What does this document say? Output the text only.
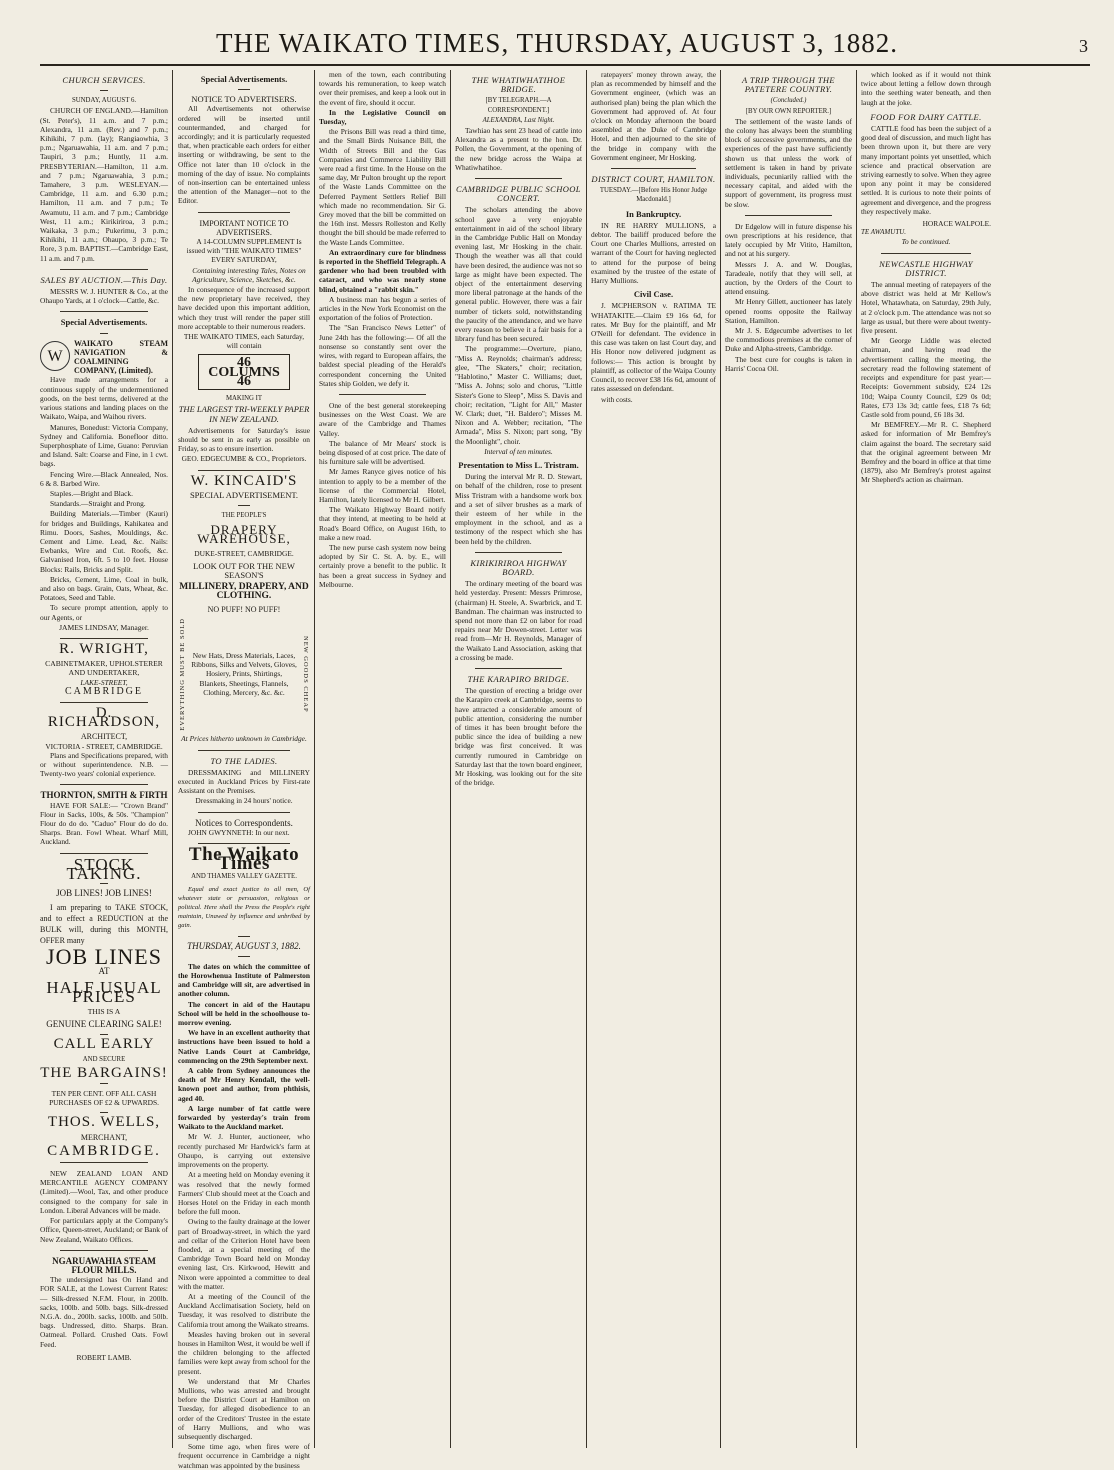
THE WAIKATO TIMES, THURSDAY, AUGUST 3, 1882.	3
CHURCH SERVICES.
SUNDAY, AUGUST 6.
CHURCH OF ENGLAND.—Hamilton (St. Peter's), 11 a.m. and 7 p.m.; Alexandra, 11 a.m. (Rev.) and 7 p.m.; Kihikihi, 7 p.m. (lay); Rangiaowhia, 3 p.m.; Ngaruawahia, 11 a.m. and 7 p.m.; Taupiri, 3 p.m.; Huntly, 11 a.m. PRESBYTERIAN.—Hamilton, 11 a.m. and 7 p.m.; Ngaruawahia, 3 p.m.; Tamahere, 3 p.m. WESLEYAN.—Cambridge, 11 a.m. and 6.30 p.m.; Hamilton, 11 a.m. and 7 p.m.; Te Awamutu, 11 a.m. and 7 p.m.; Cambridge West, 11 a.m.; Kirikiriroa, 3 p.m.; Waikaka, 3 p.m.; Pukerimu, 3 p.m.; Kihikihi, 11 a.m.; Ohaupo, 3 p.m.; Te Rore, 3 p.m. BAPTIST.—Cambridge East, 11 a.m. and 7 p.m.
SALES BY AUCTION.—This Day.
MESSRS W. J. HUNTER & Co., at the Ohaupo Yards, at 1 o'clock—Cattle, &c.
Special Advertisements.
W
WAIKATO STEAM NAVIGATION & COALMINING COMPANY, (Limited).
Have made arrangements for a continuous supply of the undermentioned goods, on the best terms, delivered at the various stations and landing places on the Waikato, Waipa, and Waihou rivers.
Manures, Bonedust: Victoria Company, Sydney and California. Bonefloor ditto. Superphosphate of Lime, Guano: Peruvian and Island. Salt: Coarse and Fine, in 1 cwt. bags.
Fencing Wire.—Black Annealed, Nos. 6 & 8. Barbed Wire.
Staples.—Bright and Black.
Standards.—Straight and Prong.
Building Materials.—Timber (Kauri) for bridges and Buildings, Kahikatea and Rimu. Doors, Sashes, Mouldings, &c. Cement and Lime. Lead, &c. Nails: Ewbanks, Wire and Cut. Roofs, &c. Galvanised Iron, 6ft. 5 to 10 feet. House Blocks: Rails, Bricks and Split.
Bricks, Cement, Lime, Coal in bulk, and also on bags. Grain, Oats, Wheat, &c. Potatoes, Seed and Table.
To secure prompt attention, apply to our Agents, or
JAMES LINDSAY, Manager.
R. WRIGHT,
CABINETMAKER, UPHOLSTERER AND UNDERTAKER,
LAKE-STREET,
CAMBRIDGE
D. RICHARDSON,
ARCHITECT,
VICTORIA - STREET, CAMBRIDGE.
Plans and Specifications prepared, with or without superintendence. N.B. — Twenty-two years' colonial experience.
THORNTON, SMITH & FIRTH
HAVE FOR SALE:— "Crown Brand" Flour in Sacks, 100s, & 50s. "Champion" Flour do do do. "Caduo" Flour do do do. Sharps. Bran. Fowl Wheat. Wharf Mill, Auckland.
STOCK TAKING.
JOB LINES! JOB LINES!
I am preparing to TAKE STOCK, and to effect a REDUCTION at the BULK will, during this MONTH, OFFER many
JOB LINES
AT
HALF USUAL PRICES
THIS IS A
GENUINE CLEARING SALE!
CALL EARLY
AND SECURE
THE BARGAINS!
TEN PER CENT. OFF ALL CASH PURCHASES OF £2 & UPWARDS.
THOS. WELLS,
MERCHANT,
CAMBRIDGE.
NEW ZEALAND LOAN AND MERCANTILE AGENCY COMPANY (Limited).—Wool, Tax, and other produce consigned to the company for sale in London. Liberal Advances will be made.
For particulars apply at the Company's Office, Queen-street, Auckland; or Bank of New Zealand, Waikato Offices.
NGARUAWAHIA STEAM FLOUR MILLS.
The undersigned has On Hand and FOR SALE, at the Lowest Current Rates:— Silk-dressed N.F.M. Flour, in 200lb. sacks, 100lb. and 50lb. bags. Silk-dressed N.G.A. do., 200lb. sacks, 100lb. and 50lb. bags. Undressed, ditto. Sharps. Bran. Oatmeal. Pollard. Crushed Oats. Fowl Feed.
ROBERT LAMB.
Special Advertisements.
NOTICE TO ADVERTISERS.
All Advertisements not otherwise ordered will be inserted until countermanded, and charged for accordingly; and it is particularly requested that, when practicable each orders for either inserting or withdrawing, be sent to the Office not later than 10 o'clock in the morning of the day of issue. No complaints of non-insertion can be entertained unless the attention of the Manager—not to the Editor.
IMPORTANT NOTICE TO ADVERTISERS.
A 14-COLUMN SUPPLEMENT Is issued with "THE WAIKATO TIMES" EVERY SATURDAY,
Containing interesting Tales, Notes on Agriculture, Science, Sketches, &c.
In consequence of the increased support the new proprietary have received, they have decided upon this important addition, which they trust will render the paper still more acceptable to their numerous readers.
THE WAIKATO TIMES, each Saturday, will contain
46 COLUMNS 46
MAKING IT
THE LARGEST TRI-WEEKLY PAPER IN NEW ZEALAND.
Advertisements for Saturday's issue should be sent in as early as possible on Friday, so as to ensure insertion.
GEO. EDGECUMBE & CO., Proprietors.
W. KINCAID'S
SPECIAL ADVERTISEMENT.
THE PEOPLE'S
DRAPERY WAREHOUSE,
DUKE-STREET, CAMBRIDGE.
LOOK OUT FOR THE NEW SEASON'S
MILLINERY, DRAPERY, AND CLOTHING.
NO PUFF! NO PUFF!
EVERYTHING MUST BE SOLD New Hats, Dress Materials, Laces, Ribbons, Silks and Velvets, Gloves, Hosiery, Prints, Shirtings, Blankets, Sheetings, Flannels, Clothing, Mercery, &c. &c.	NEW GOODS CHEAP
At Prices hitherto unknown in Cambridge.
TO THE LADIES.
DRESSMAKING and MILLINERY executed in Auckland Prices by First-rate Assistant on the Premises.
Dressmaking in 24 hours' notice.
Notices to Correspondents.
JOHN GWYNNETH: In our next.
The Waikato Times
AND THAMES VALLEY GAZETTE.
Equal and exact justice to all men, Of whatever state or persuasion, religious or political. Here shall the Press the People's right maintain, Unawed by influence and unbribed by gain.
THURSDAY, AUGUST 3, 1882.
The dates on which the committee of the Horowhenua Institute of Palmerston and Cambridge will sit, are advertised in another column.
The concert in aid of the Hautapu School will be held in the schoolhouse to-morrow evening.
We have in an excellent authority that instructions have been issued to hold a Native Lands Court at Cambridge, commencing on the 29th September next.
A cable from Sydney announces the death of Mr Henry Kendall, the well-known poet and author, from phthisis, aged 40.
A large number of fat cattle were forwarded by yesterday's train from Waikato to the Auckland market.
Mr W. J. Hunter, auctioneer, who recently purchased Mr Hardwick's farm at Ohaupo, is carrying out extensive improvements on the property.
At a meeting held on Monday evening it was resolved that the newly formed Farmers' Club should meet at the Coach and Horses Hotel on the Friday in each month before the full moon.
Owing to the faulty drainage at the lower part of Broadway-street, in which the yard and cellar of the Criterion Hotel have been flooded, at a special meeting of the Cambridge Town Board held on Monday evening last, Crs. Kirkwood, Hewitt and Nixon were appointed a committee to deal with the matter.
At a meeting of the Council of the Auckland Acclimatisation Society, held on Tuesday, it was resolved to distribute the California trout among the Waikato streams.
Measles having broken out in several houses in Hamilton West, it would be well if the children belonging to the affected families were kept away from school for the present.
We understand that Mr Charles Mullions, who was arrested and brought before the District Court at Hamilton on Tuesday, for alleged disobedience to an order of the Creditors' Trustee in the estate of Harry Mullions, and who was subsequently discharged.
Some time ago, when fires were of frequent occurrence in Cambridge a night watchman was appointed by the business
men of the town, each contributing towards his remuneration, to keep watch over their premises, and keep a look out in the event of fire, should it occur.
In the Legislative Council on Tuesday,
the Prisons Bill was read a third time, and the Small Birds Nuisance Bill, the Width of Streets Bill and the Gas Companies and Commerce Liability Bill were read a first time. In the House on the same day, Mr Pulton brought up the report of the Waste Lands Committee on the Deferred Payment Settlers Relief Bill which made no recommendation. Sir G. Grey moved that the bill be committed on the 16th inst. Messrs Rolleston and Kelly thought the bill should be made referred to the Waste Lands Committee.
An extraordinary cure for blindness is reported in the Sheffield Telegraph. A gardener who had been troubled with cataract, and who was nearly stone blind, obtained a "rabbit skin."
A business man has begun a series of articles in the New York Economist on the exportation of the folios of Protection.
The "San Francisco News Letter" of June 24th has the following:— Of all the nonsense so constantly sent over the wires, with regard to European affairs, the baldest special pleading of the Herald's correspondent concerning the United States ship Golden, we defy it.
One of the best general storekeeping businesses on the West Coast. We are aware of the Cambridge and Thames Valley.
The balance of Mr Mears' stock is being disposed of at cost price. The date of his furniture sale will be advertised.
Mr James Ranyce gives notice of his intention to apply to be a member of the license of the Commercial Hotel, Hamilton, lately licensed to Mr H. Gilbert.
The Waikato Highway Board notify that they intend, at meeting to be held at Road's Board Office, on August 16th, to make a new road.
The new purse cash system now being adopted by Sir C. St. A. by. E., will certainly prove a benefit to the public. It has been a great success in Sydney and Melbourne.
THE WHATIWHATIHOE BRIDGE.
[BY TELEGRAPH.—A CORRESPONDENT.]
ALEXANDRA, Last Night.
Tawhiao has sent 23 head of cattle into Alexandra as a present to the hon. Dr. Pollen, the Government, at the opening of the new bridge across the Waipa at Whatiwhatihoe.
CAMBRIDGE PUBLIC SCHOOL CONCERT.
The scholars attending the above school gave a very enjoyable entertainment in aid of the school library in the Cambridge Public Hall on Monday evening last, Mr Hosking in the chair. Though the weather was all that could have been desired, the audience was not so large as might have been expected. The object of the entertainment deserving more liberal patronage at the hands of the general public. However, there was a fair number of tickets sold, notwithstanding the paucity of the attendance, and we have every reason to believe it a fair basis for a library fund has been secured.
The programme:—Overture, piano, "Miss A. Reynolds; chairman's address; glee, "The Skaters," choir; recitation, "Hablotino," Master C. Williams; duet, "Miss A. Johns; solo and chorus, "Little Sister's Gone to Sleep", Miss S. Davis and choir; recitation, "Light for All," Master W. Clark; duet, "H. Baldero"; Misses M. Nixon and A. Webber; recitation, "The Armada", Miss S. Nixon; part song, "By the Moonlight", choir.
Interval of ten minutes.
Presentation to Miss L. Tristram.
During the interval Mr R. D. Stewart, on behalf of the children, rose to present Miss Tristram with a handsome work box and a set of silver brushes as a mark of their esteem of her while in the employment in the school, and as a testimony of the respect which she has been held by the children.
KIRIKIRIROA HIGHWAY BOARD.
The ordinary meeting of the board was held yesterday. Present: Messrs Primrose, (chairman) H. Steele, A. Swarbrick, and T. Bandman. The chairman was instructed to spend not more than £2 on labor for road repairs near Mr Dowen-street. Letter was read from—Mr H. Reynolds, Manager of the Waikato Land Association, asking that a crossing be made.
THE KARAPIRO BRIDGE.
The question of erecting a bridge over the Karapiro creek at Cambridge, seems to have attracted a considerable amount of public attention, considering the number of times it has been brought before the public since the idea of building a new bridge was first conceived. It was currently rumoured in Cambridge on Saturday last that the town board engineer, Mr Hosking, was looking out for the site of the bridge.
ratepayers' money thrown away, the plan as recommended by himself and the Government engineer, (which was an authorised plan) being the plan which the Government had approved of. At four o'clock on Monday afternoon the board assembled at the Duke of Cambridge Hotel, and then adjourned to the site of the bridge in company with the Government engineer, Mr Hosking.
DISTRICT COURT, HAMILTON.
TUESDAY.—[Before His Honor Judge Macdonald.]
In Bankruptcy.
IN RE HARRY MULLIONS, a debtor. The bailiff produced before the Court one Charles Mullions, arrested on warrant of the Court for having neglected to attend for the purpose of being examined by the trustee of the estate of Harry Mullions.
Civil Case.
J. MCPHERSON v. RATIMA TE WHATAKITE.—Claim £9 16s 6d, for rates. Mr Buy for the plaintiff, and Mr O'Neill for defendant. The evidence in this case was taken on last Court day, and His Honor now delivered judgment as follows:— This action is brought by plaintiff, as collector of the Waipa County Council, to recover £38 16s 6d, amount of rates assessed on defendant.
with costs.
A TRIP THROUGH THE PATETERE COUNTRY.
(Concluded.)
[BY OUR OWN REPORTER.]
The settlement of the waste lands of the colony has always been the stumbling block of successive governments, and the experiences of the past have sufficiently shown us that unless the work of settlement is taken in hand by private individuals, pecuniarily rallied with the necessary capital, and aided with the support of government, its progress must be slow.
Dr Edgelow will in future dispense his own prescriptions at his residence, that lately occupied by Mr Vitito, Hamilton, and not at his surgery.
Messrs J. A. and W. Douglas, Taradeale, notify that they will sell, at auction, by the Orders of the Court to attend ensuing.
Mr Henry Gillett, auctioneer has lately opened rooms opposite the Railway Station, Hamilton.
Mr J. S. Edgecumbe advertises to let the commodious premises at the corner of Duke and Alpha-streets, Cambridge.
The best cure for coughs is taken in Harris' Cocoa Oil.
which looked as if it would not think twice about letting a fellow down through into the seething water beneath, and then laugh at the joke.
FOOD FOR DAIRY CATTLE.
CATTLE food has been the subject of a good deal of discussion, and much light has been thrown upon it, but there are very many important points yet unsettled, which science and practical observation are striving earnestly to solve. When they agree upon any point it may be considered settled. It is curious to note their points of agreement and divergence, and the progress they respectively make.
HORACE WALPOLE.
TE AWAMUTU.
To be continued.
NEWCASTLE HIGHWAY DISTRICT.
The annual meeting of ratepayers of the above district was held at Mr Kellow's Hotel, Whatawhata, on Saturday, 29th July, at 2 o'clock p.m. The attendance was not so large as usual, but there were about twenty-five present.
Mr George Liddle was elected chairman, and having read the advertisement calling the meeting, the secretary read the following statement of receipts and expenditure for past year:— Receipts: Government subsidy, £24 12s 10d; Waipa County Council, £29 0s 0d; Rates, £73 13s 3d; cattle fees, £18 7s 6d; Castle sold from pound, £6 18s 3d.
Mr BEMFREY.—Mr R. C. Shepherd asked for information of Mr Bemfrey's claim against the board. The secretary said that the original agreement between Mr Bemfrey and the board in office at that time (1879), also Mr Bemfrey's protest against Mr Shepherd's action as chairman.
